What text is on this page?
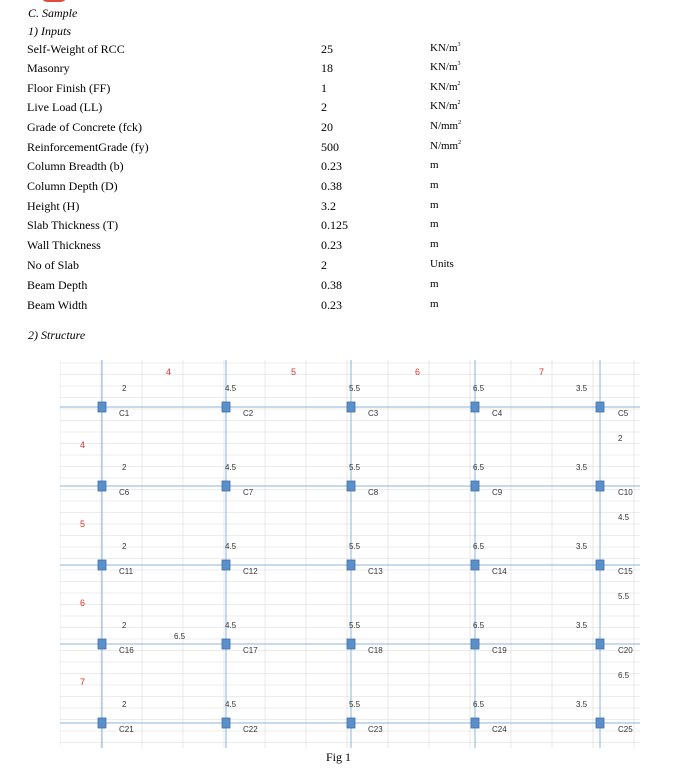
C. Sample
1) Inputs
Self-Weight of RCC	25	$KN/m^3$
Masonry	18	$KN/m^3$
Floor Finish (FF)	1	$KN/m^2$
Live Load (LL)	2	$KN/m^2$
Grade of Concrete (fck)	20	$N/mm^2$
ReinforcementGrade (fy)	500	$N/mm^2$
Column Breadth (b)	0.23	m
Column Depth (D)	0.38	m
Height (H)	3.2	m
Slab Thickness (T)	0.125	m
Wall Thickness	0.23	m
No of Slab	2	Units
Beam Depth	0.38	m
Beam Width	0.23	m
2) Structure
4	5	6	7
4
5
6
7
2	4.5	5.5	6.5	3.5
2	4.5	5.5	6.5	3.5
2	4.5	5.5	6.5	3.5
2	4.5	5.5	6.5	3.5
2	4.5	5.5	6.5	3.5
2
4.5
5.5
6.5
6.5
C1	C2	C3	C4	C5
C6	C7	C8	C9	C10
C11	C12	C13	C14	C15
C16	C17	C18	C19	C20
C21	C22	C23	C24	C25
Fig 1
